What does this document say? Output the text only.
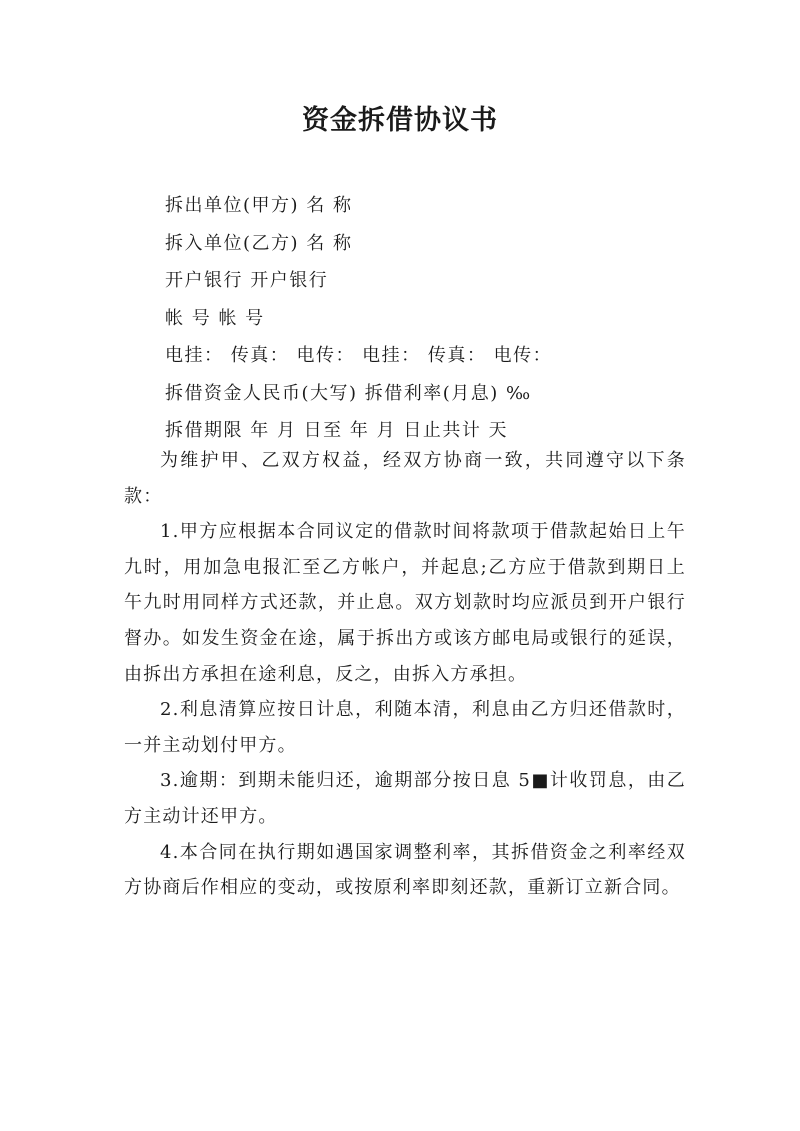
资金拆借协议书
拆出单位(甲方) 名 称
拆入单位(乙方) 名 称
开户银行 开户银行
帐 号 帐 号
电挂： 传真： 电传： 电挂： 传真： 电传：
拆借资金人民币(大写) 拆借利率(月息) ‰
拆借期限 年 月 日至 年 月 日止共计 天

为维护甲、乙双方权益，经双方协商一致，共同遵守以下条款：

1.甲方应根据本合同议定的借款时间将款项于借款起始日上午九时，用加急电报汇至乙方帐户，并起息;乙方应于借款到期日上午九时用同样方式还款，并止息。双方划款时均应派员到开户银行督办。如发生资金在途，属于拆出方或该方邮电局或银行的延误，由拆出方承担在途利息，反之，由拆入方承担。

2.利息清算应按日计息，利随本清，利息由乙方归还借款时，一并主动划付甲方。

3.逾期：到期未能归还，逾期部分按日息 5■计收罚息，由乙方主动计还甲方。

4.本合同在执行期如遇国家调整利率，其拆借资金之利率经双方协商后作相应的变动，或按原利率即刻还款，重新订立新合同。
